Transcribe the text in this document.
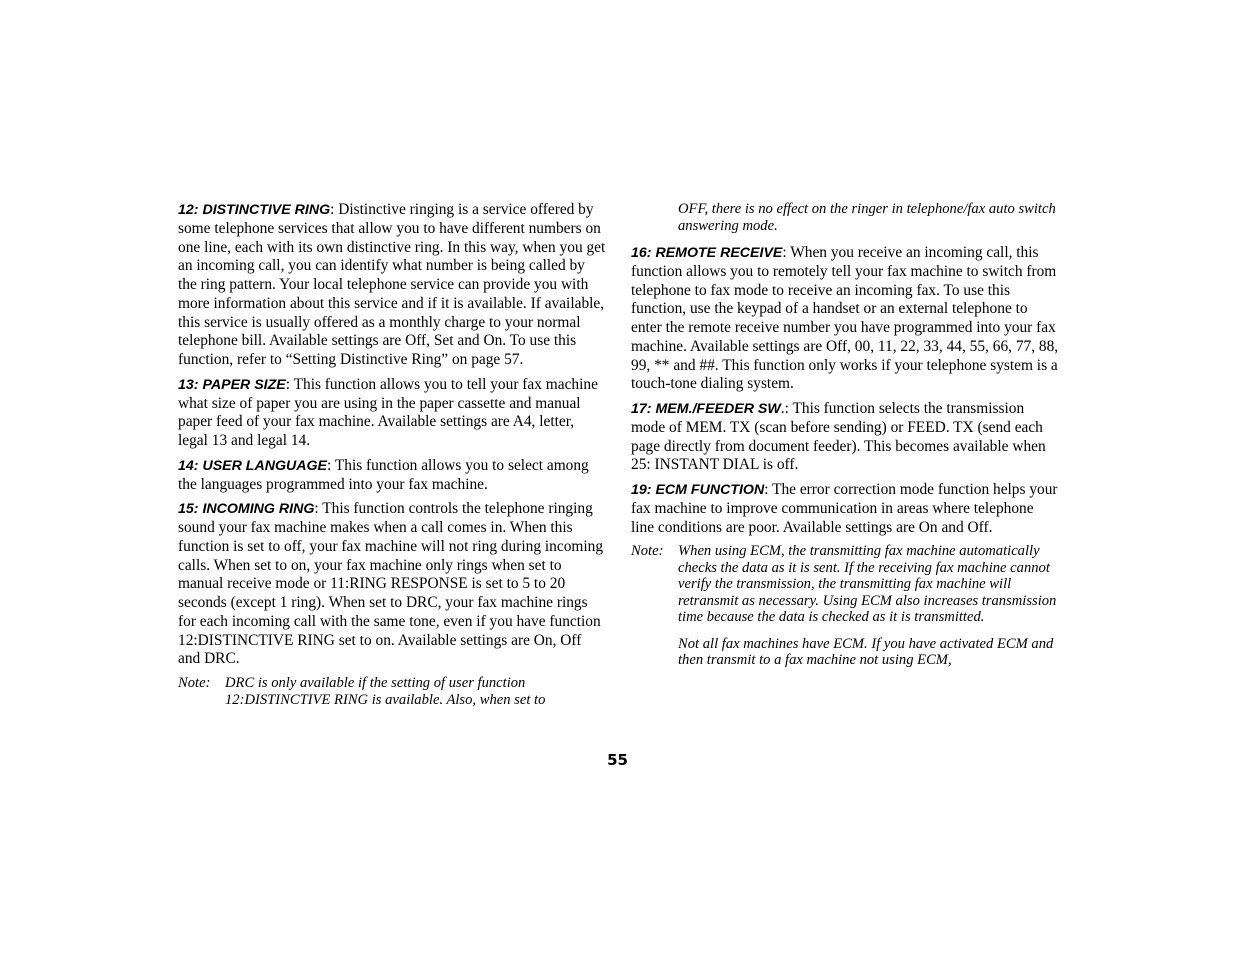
12: DISTINCTIVE RING: Distinctive ringing is a service offered by some telephone services that allow you to have different numbers on one line, each with its own distinctive ring. In this way, when you get an incoming call, you can identify what number is being called by the ring pattern. Your local telephone service can provide you with more information about this service and if it is available. If available, this service is usually offered as a monthly charge to your normal telephone bill. Available settings are Off, Set and On. To use this function, refer to “Setting Distinctive Ring” on page 57.

13: PAPER SIZE: This function allows you to tell your fax machine what size of paper you are using in the paper cassette and manual paper feed of your fax machine. Available settings are A4, letter, legal 13 and legal 14.

14: USER LANGUAGE: This function allows you to select among the languages programmed into your fax machine.

15: INCOMING RING: This function controls the telephone ringing sound your fax machine makes when a call comes in. When this function is set to off, your fax machine will not ring during incoming calls. When set to on, your fax machine only rings when set to manual receive mode or 11:RING RESPONSE is set to 5 to 20 seconds (except 1 ring). When set to DRC, your fax machine rings for each incoming call with the same tone, even if you have function 12:DISTINCTIVE RING set to on. Available settings are On, Off and DRC.

Note: DRC is only available if the setting of user function 12:DISTINCTIVE RING is available. Also, when set to

OFF, there is no effect on the ringer in telephone/fax auto switch answering mode.

16: REMOTE RECEIVE: When you receive an incoming call, this function allows you to remotely tell your fax machine to switch from telephone to fax mode to receive an incoming fax. To use this function, use the keypad of a handset or an external telephone to enter the remote receive number you have programmed into your fax machine. Available settings are Off, 00, 11, 22, 33, 44, 55, 66, 77, 88, 99, ** and ##. This function only works if your telephone system is a touch-tone dialing system.

17: MEM./FEEDER SW.: This function selects the transmission mode of MEM. TX (scan before sending) or FEED. TX (send each page directly from document feeder). This becomes available when 25: INSTANT DIAL is off.

19: ECM FUNCTION: The error correction mode function helps your fax machine to improve communication in areas where telephone line conditions are poor. Available settings are On and Off.

Note: When using ECM, the transmitting fax machine automatically checks the data as it is sent. If the receiving fax machine cannot verify the transmission, the transmitting fax machine will retransmit as necessary. Using ECM also increases transmission time because the data is checked as it is transmitted.

Not all fax machines have ECM. If you have activated ECM and then transmit to a fax machine not using ECM,

55
